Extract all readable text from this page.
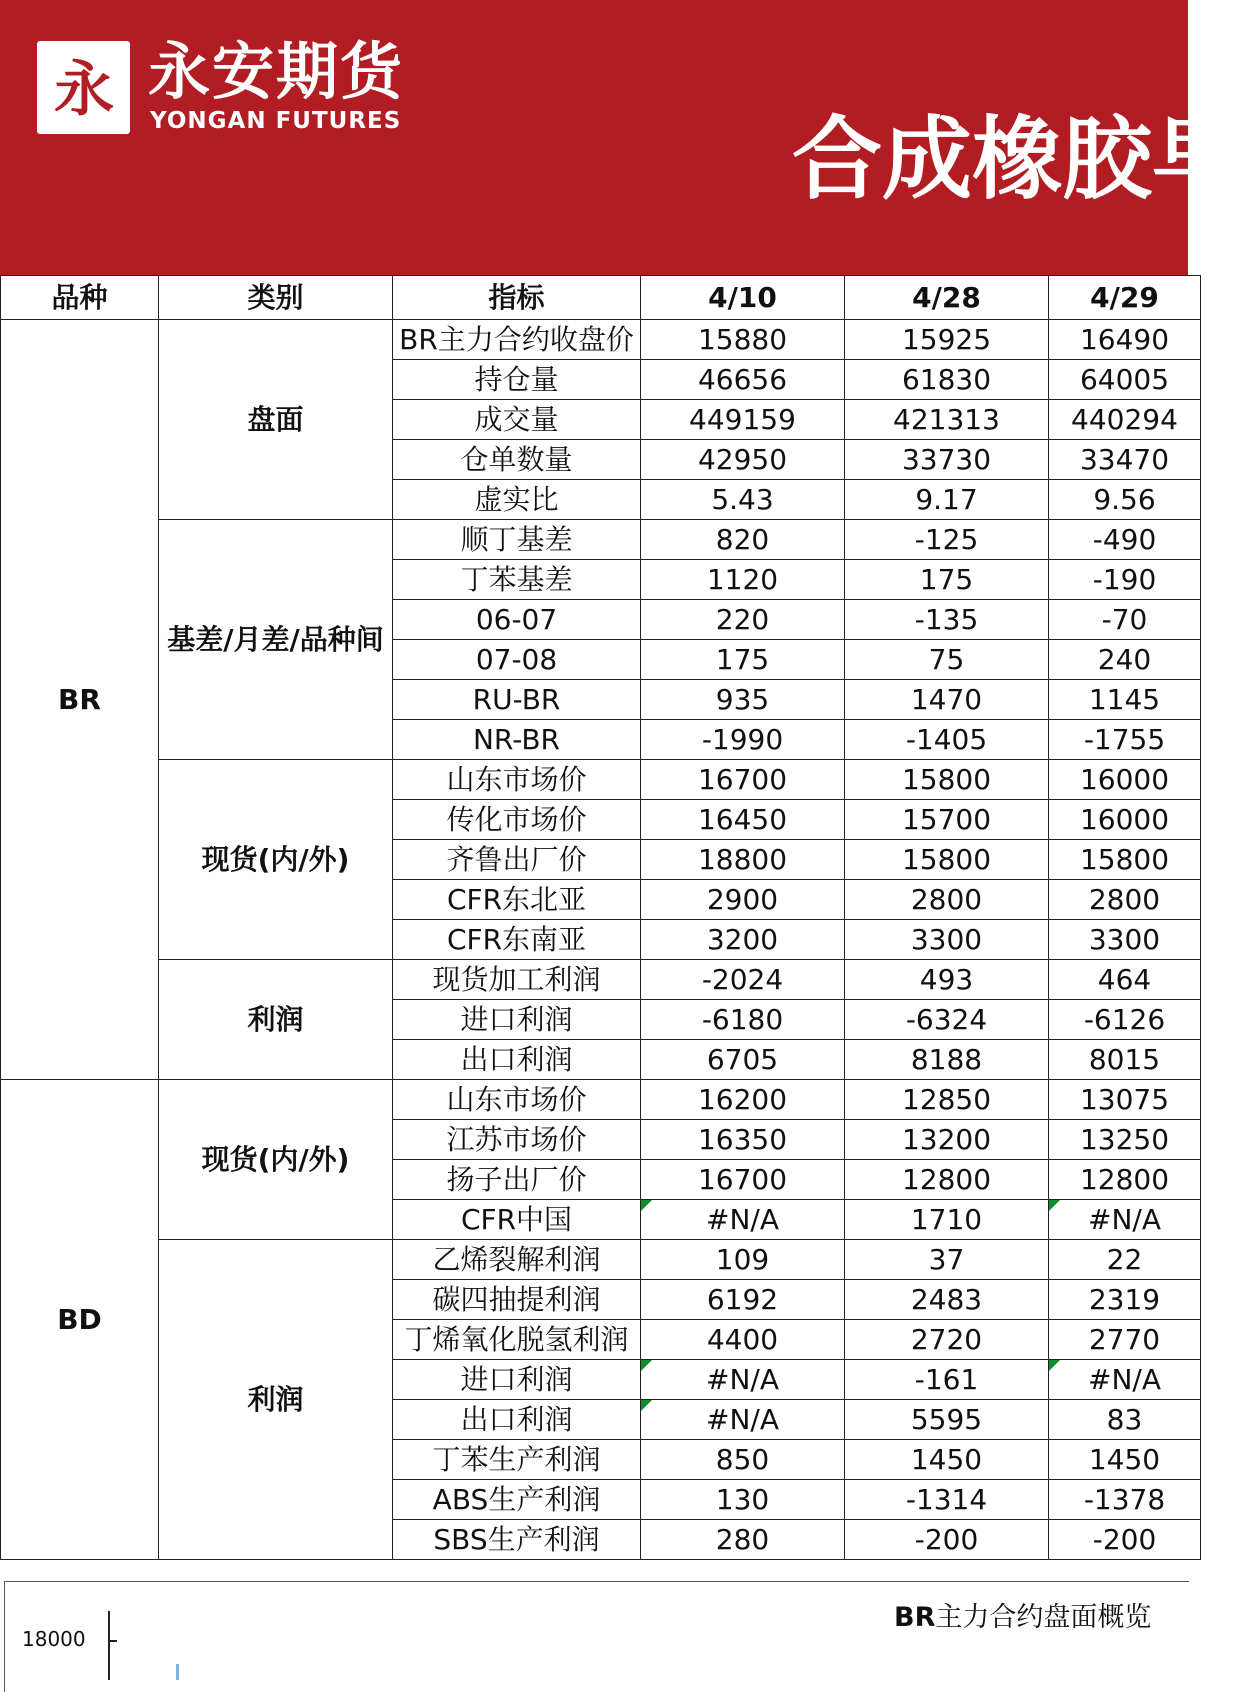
永 永安期货
YONGAN FUTURES	合成橡胶早
品种	类别	指标	4/10	4/28	4/29
BR	盘面	BR主力合约收盘价	15880	15925	16490
		持仓量	46656	61830	64005
		成交量	449159	421313	440294
		仓单数量	42950	33730	33470
		虚实比	5.43	9.17	9.56
	基差/月差/品种间	顺丁基差	820	-125	-490
		丁苯基差	1120	175	-190
		06-07	220	-135	-70
		07-08	175	75	240
		RU-BR	935	1470	1145
		NR-BR	-1990	-1405	-1755
	现货(内/外)	山东市场价	16700	15800	16000
		传化市场价	16450	15700	16000
		齐鲁出厂价	18800	15800	15800
		CFR东北亚	2900	2800	2800
		CFR东南亚	3200	3300	3300
	利润	现货加工利润	-2024	493	464
		进口利润	-6180	-6324	-6126
		出口利润	6705	8188	8015
BD	现货(内/外)	山东市场价	16200	12850	13075
		江苏市场价	16350	13200	13250
		扬子出厂价	16700	12800	12800
		CFR中国	#N/A	1710	#N/A
	利润	乙烯裂解利润	109	37	22
		碳四抽提利润	6192	2483	2319
		丁烯氧化脱氢利润	4400	2720	2770
		进口利润	#N/A	-161	#N/A
		出口利润	#N/A	5595	83
		丁苯生产利润	850	1450	1450
		ABS生产利润	130	-1314	-1378
		SBS生产利润	280	-200	-200
BR主力合约盘面概览
18000
